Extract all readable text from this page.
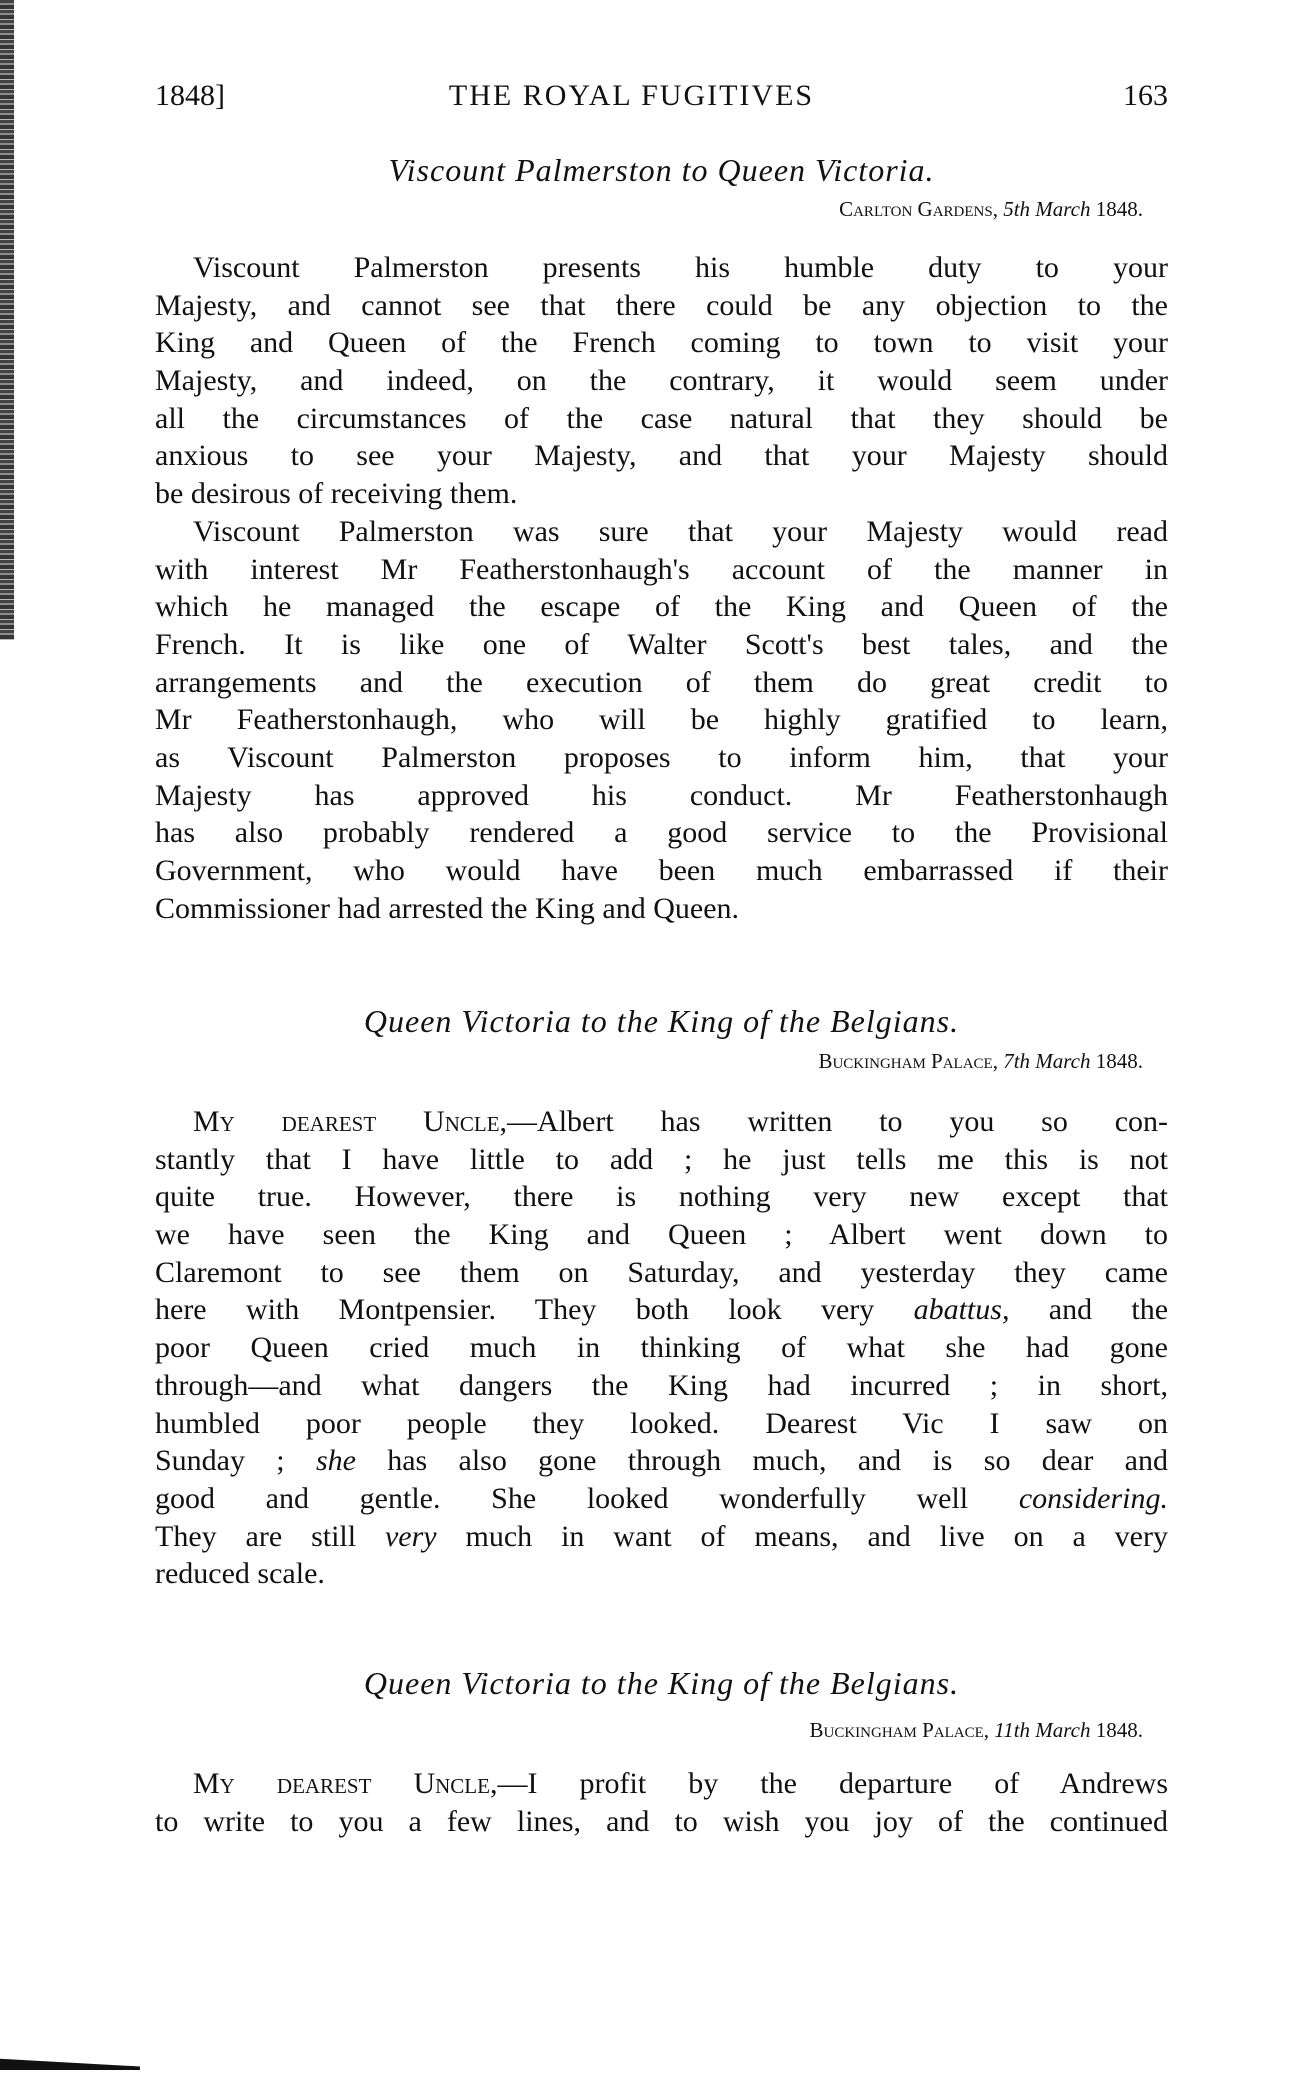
1848]	THE ROYAL FUGITIVES	163
Viscount Palmerston to Queen Victoria.
Carlton Gardens, 5th March 1848.
Viscount Palmerston presents his humble duty to your
Majesty, and cannot see that there could be any objection to the
King and Queen of the French coming to town to visit your
Majesty, and indeed, on the contrary, it would seem under
all the circumstances of the case natural that they should be
anxious to see your Majesty, and that your Majesty should
be desirous of receiving them.
Viscount Palmerston was sure that your Majesty would read
with interest Mr Featherstonhaugh's account of the manner in
which he managed the escape of the King and Queen of the
French. It is like one of Walter Scott's best tales, and the
arrangements and the execution of them do great credit to
Mr Featherstonhaugh, who will be highly gratified to learn,
as Viscount Palmerston proposes to inform him, that your
Majesty has approved his conduct. Mr Featherstonhaugh
has also probably rendered a good service to the Provisional
Government, who would have been much embarrassed if their
Commissioner had arrested the King and Queen.
Queen Victoria to the King of the Belgians.
Buckingham Palace, 7th March 1848.
My dearest Uncle,—Albert has written to you so con-
stantly that I have little to add ; he just tells me this is not
quite true. However, there is nothing very new except that
we have seen the King and Queen ; Albert went down to
Claremont to see them on Saturday, and yesterday they came
here with Montpensier. They both look very abattus, and the
poor Queen cried much in thinking of what she had gone
through—and what dangers the King had incurred ; in short,
humbled poor people they looked. Dearest Vic I saw on
Sunday ; she has also gone through much, and is so dear and
good and gentle. She looked wonderfully well considering.
They are still very much in want of means, and live on a very
reduced scale.
Queen Victoria to the King of the Belgians.
Buckingham Palace, 11th March 1848.
My dearest Uncle,—I profit by the departure of Andrews
to write to you a few lines, and to wish you joy of the continued
